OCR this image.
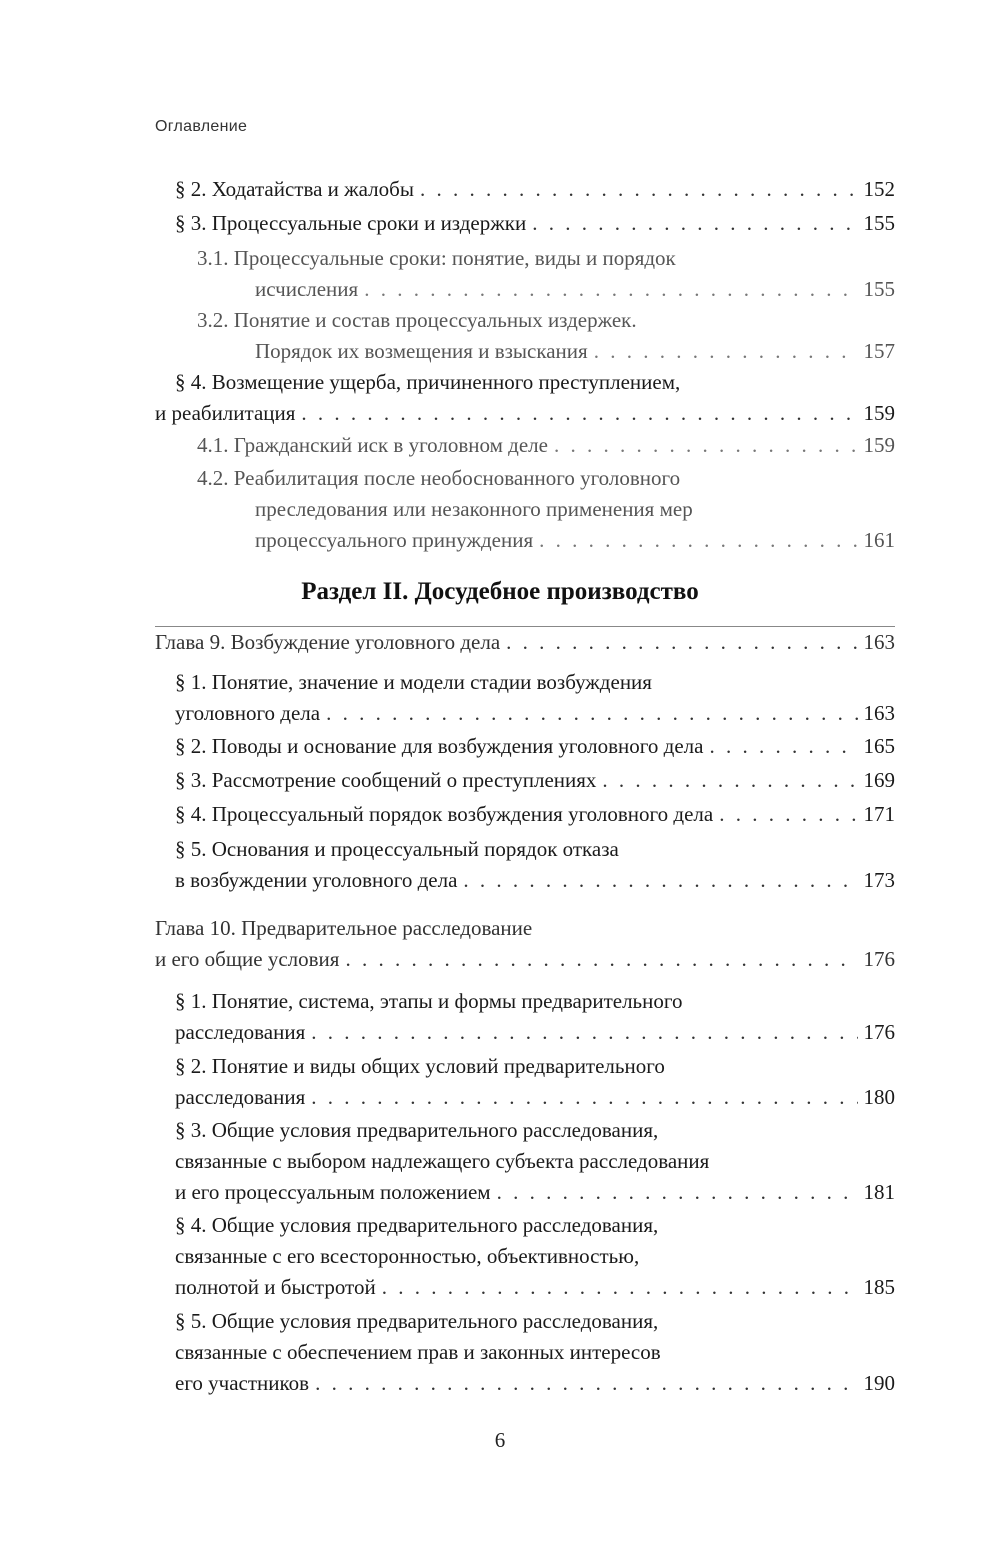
Оглавление
§ 2. Ходатайства и жалобы . . .	152
§ 3. Процессуальные сроки и издержки . . .	155
3.1. Процессуальные сроки: понятие, виды и порядок
исчисления . . .	155
3.2. Понятие и состав процессуальных издержек.
Порядок их возмещения и взыскания . . .	157
§ 4. Возмещение ущерба, причиненного преступлением,
и реабилитация . . .	159
4.1. Гражданский иск в уголовном деле . . .	159
4.2. Реабилитация после необоснованного уголовного
преследования или незаконного применения мер
процессуального принуждения . . .	161
Глава 9. Возбуждение уголовного дела . . .	163
§ 1. Понятие, значение и модели стадии возбуждения
уголовного дела . . .	163
§ 2. Поводы и основание для возбуждения уголовного дела . . .	165
§ 3. Рассмотрение сообщений о преступлениях . . .	169
§ 4. Процессуальный порядок возбуждения уголовного дела . . .	171
§ 5. Основания и процессуальный порядок отказа
в возбуждении уголовного дела . . .	173
Глава 10. Предварительное расследование
и его общие условия . . .	176
§ 1. Понятие, система, этапы и формы предварительного
расследования . . .	176
§ 2. Понятие и виды общих условий предварительного
расследования . . .	180
§ 3. Общие условия предварительного расследования,
связанные с выбором надлежащего субъекта расследования
и его процессуальным положением . . .	181
§ 4. Общие условия предварительного расследования,
связанные с его всесторонностью, объективностью,
полнотой и быстротой . . .	185
§ 5. Общие условия предварительного расследования,
связанные с обеспечением прав и законных интересов
его участников . . .	190
Раздел II. Досудебное производство
6
